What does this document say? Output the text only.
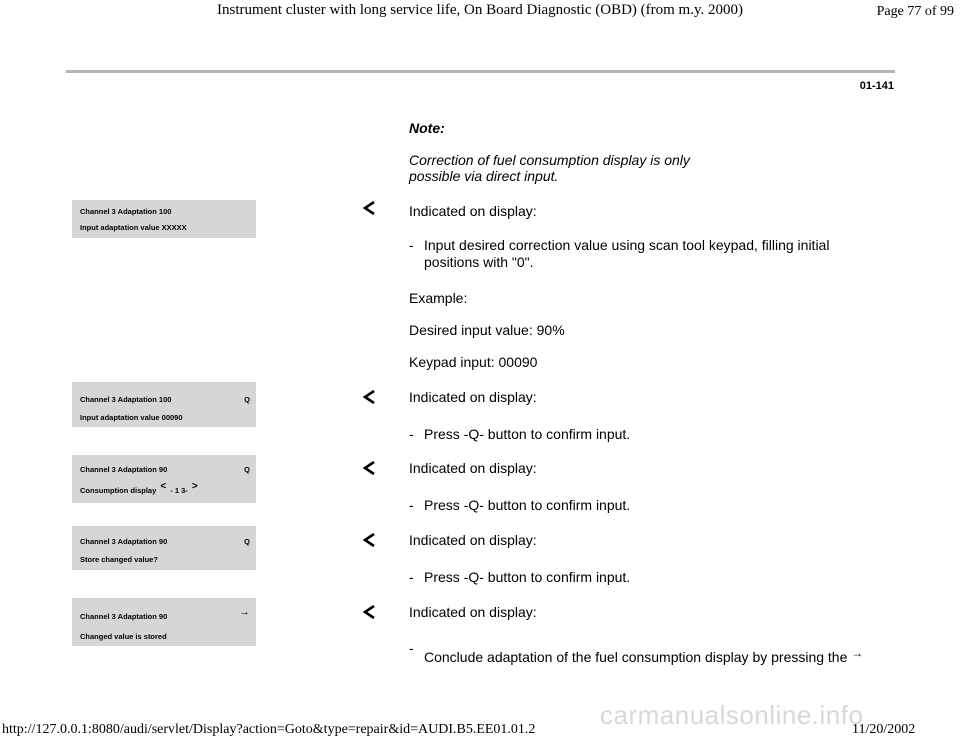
Instrument cluster with long service life, On Board Diagnostic (OBD) (from m.y. 2000)	Page 77 of 99
01-141
Note:
Correction of fuel consumption display is only possible via direct input.
Channel 3 Adaptation 100
Input adaptation value XXXXX
Indicated on display:
- Input desired correction value using scan tool keypad, filling initial positions with "0".
Example:
Desired input value: 90%
Keypad input: 00090
Channel 3 Adaptation 100	Q
Input adaptation value 00090
Indicated on display:
- Press -Q- button to confirm input.
Channel 3 Adaptation 90	Q
Consumption display < - 1 3- >
Indicated on display:
- Press -Q- button to confirm input.
Channel 3 Adaptation 90	Q
Store changed value?
Indicated on display:
- Press -Q- button to confirm input.
Channel 3 Adaptation 90	→
Changed value is stored
Indicated on display:
-
Conclude adaptation of the fuel consumption display by pressing the →
carmanualsonline.info
http://127.0.0.1:8080/audi/servlet/Display?action=Goto&type=repair&id=AUDI.B5.EE01.01.2	11/20/2002
